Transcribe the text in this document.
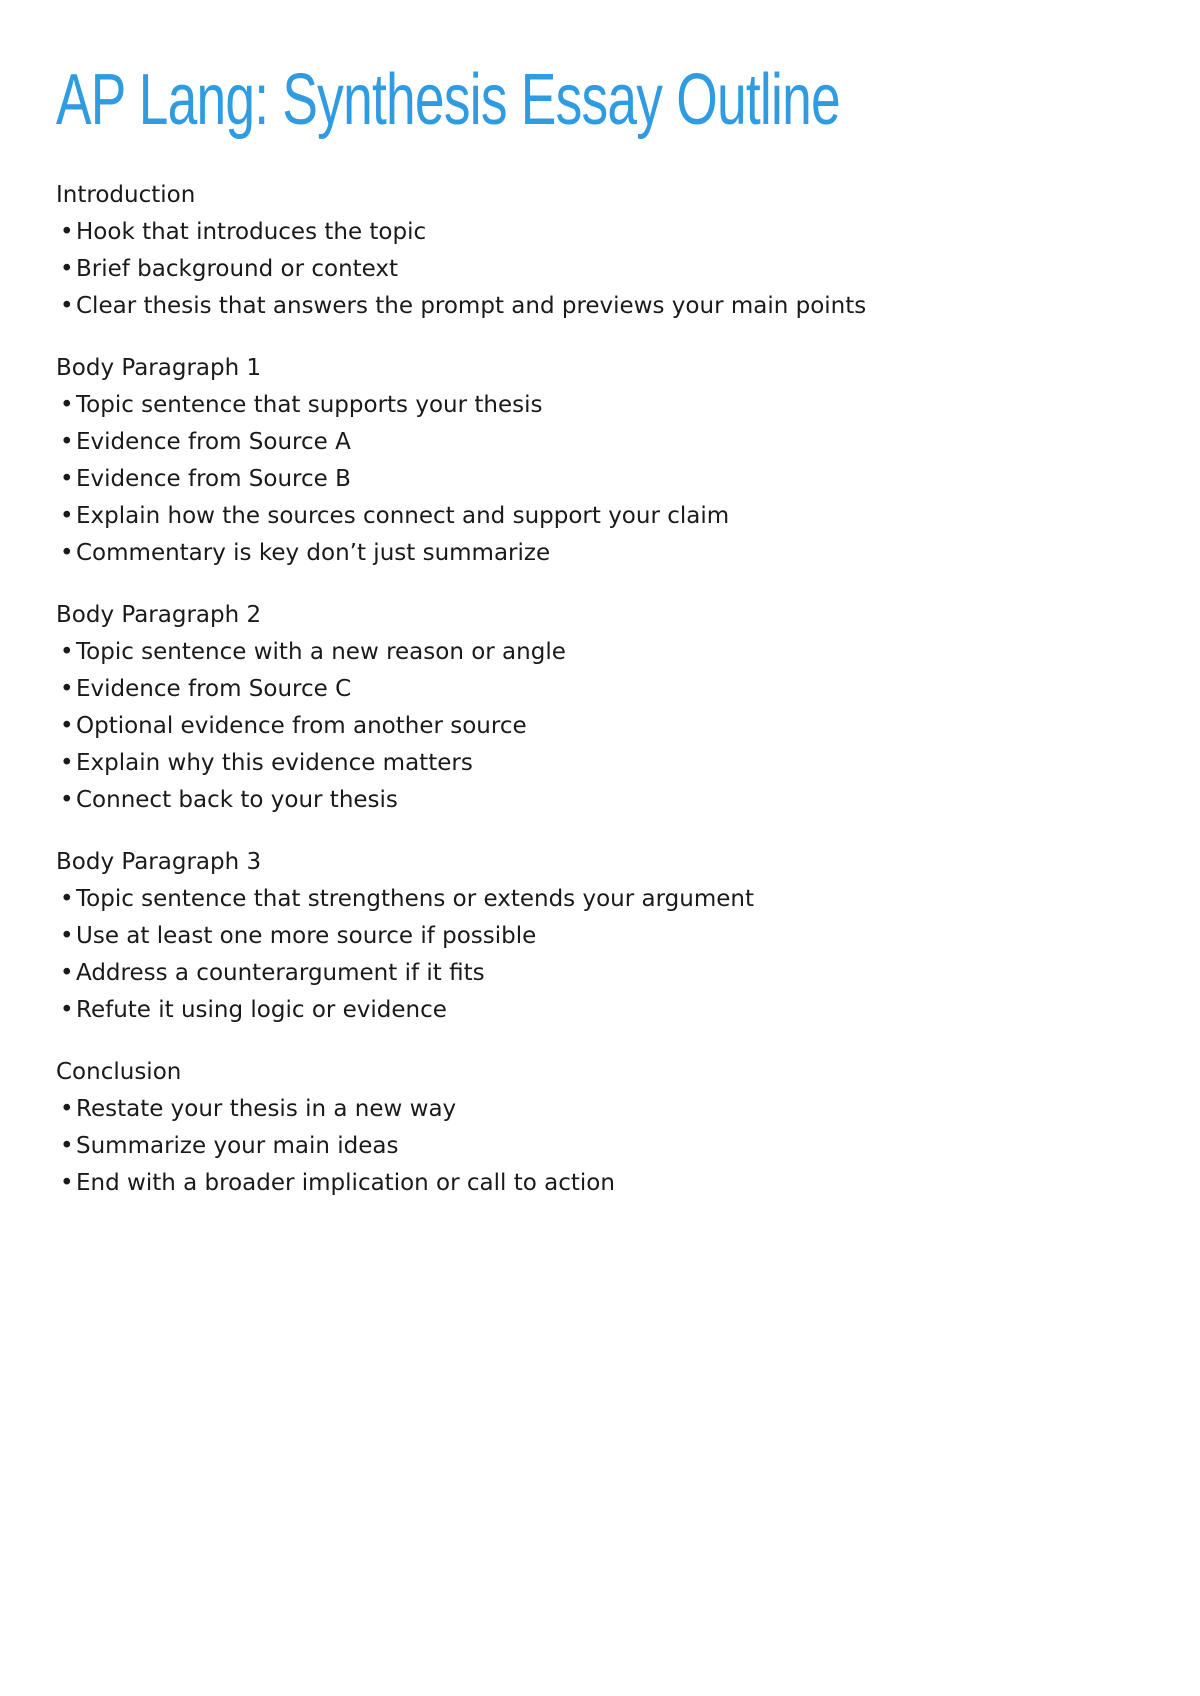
AP Lang: Synthesis Essay Outline
Introduction
• Hook that introduces the topic
• Brief background or context
• Clear thesis that answers the prompt and previews your main points
Body Paragraph 1
• Topic sentence that supports your thesis
• Evidence from Source A
• Evidence from Source B
• Explain how the sources connect and support your claim
• Commentary is key don’t just summarize
Body Paragraph 2
• Topic sentence with a new reason or angle
• Evidence from Source C
• Optional evidence from another source
• Explain why this evidence matters
• Connect back to your thesis
Body Paragraph 3
• Topic sentence that strengthens or extends your argument
• Use at least one more source if possible
• Address a counterargument if it fits
• Refute it using logic or evidence
Conclusion
• Restate your thesis in a new way
• Summarize your main ideas
• End with a broader implication or call to action
